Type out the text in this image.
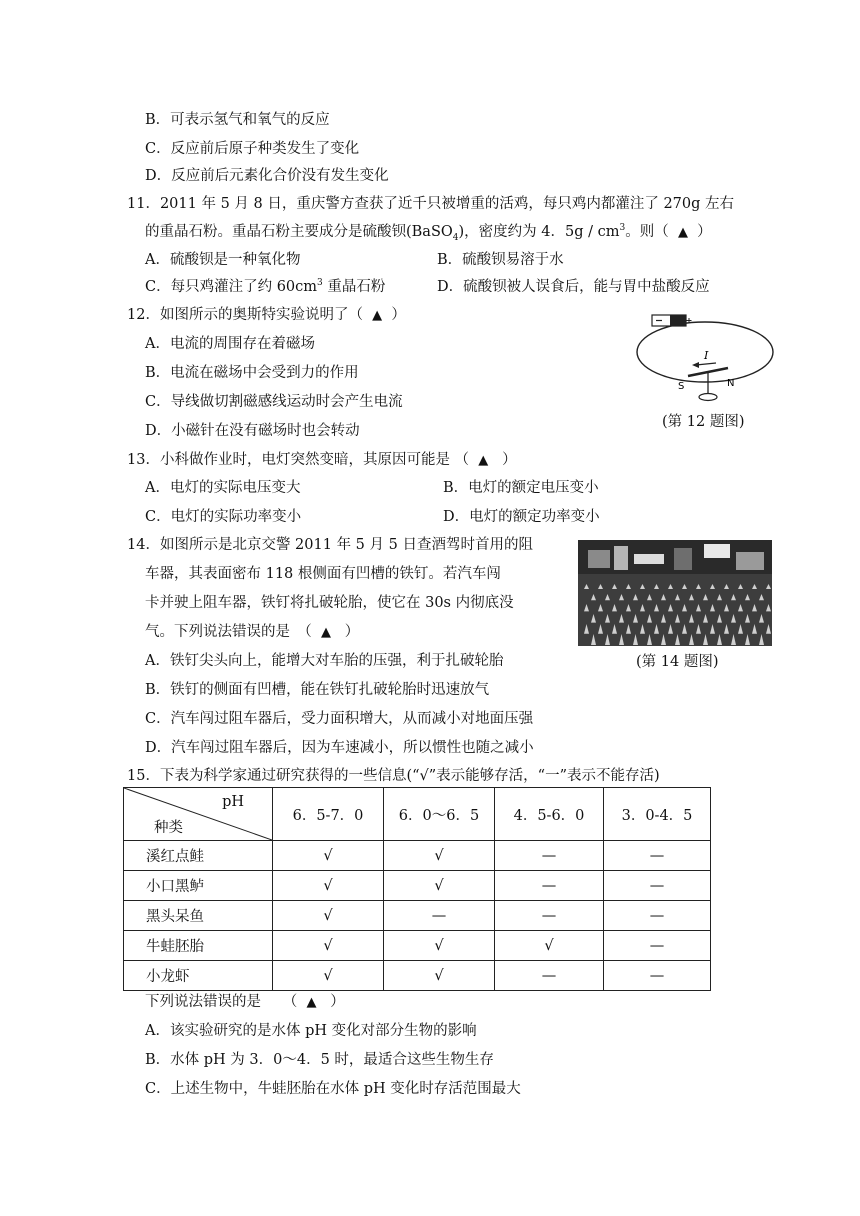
B．可表示氢气和氧气的反应
C．反应前后原子种类发生了变化
D．反应前后元素化合价没有发生变化
11．2011 年 5 月 8 日，重庆警方查获了近千只被增重的活鸡，每只鸡内都灌注了 270g 左右
的重晶石粉。重晶石粉主要成分是硫酸钡(BaSO$_4$)，密度约为 4．$5g / cm^3$。则（ ▲ ）
A．硫酸钡是一种氧化物	B．硫酸钡易溶于水
C．每只鸡灌注了约 $60cm^3$ 重晶石粉	D．硫酸钡被人误食后，能与胃中盐酸反应
12．如图所示的奥斯特实验说明了（ ▲ ）
A．电流的周围存在着磁场
B．电流在磁场中会受到力的作用
C．导线做切割磁感线运动时会产生电流
D．小磁针在没有磁场时也会转动
I
S	N
(第 12 题图)
13．小科做作业时，电灯突然变暗，其原因可能是 （ ▲ ）
A．电灯的实际电压变大	B．电灯的额定电压变小
C．电灯的实际功率变小	D．电灯的额定功率变小
14．如图所示是北京交警 2011 年 5 月 5 日查酒驾时首用的阻
车器，其表面密布 118 根侧面有凹槽的铁钉。若汽车闯
卡并驶上阻车器，铁钉将扎破轮胎，使它在 30s 内彻底没
气。下列说法错误的是　（ ▲ ）
A．铁钉尖头向上，能增大对车胎的压强，利于扎破轮胎
B．铁钉的侧面有凹槽，能在铁钉扎破轮胎时迅速放气
C．汽车闯过阻车器后，受力面积增大，从而减小对地面压强
D．汽车闯过阻车器后，因为车速减小，所以惯性也随之减小
(第 14 题图)
15．下表为科学家通过研究获得的一些信息(“√”表示能够存活，“一”表示不能存活)
pH
种类	6．5-7．0	6．0～6．5	4．5-6．0	3．0-4．5
溪红点鲑	√	√	—	—
小口黑鲈	√	√	—	—
黑头呆鱼	√	—	—	—
牛蛙胚胎	√	√	√	—
小龙虾	√	√	—	—
下列说法错误的是　　（ ▲ ）
A．该实验研究的是水体 pH 变化对部分生物的影响
B．水体 pH 为 3．0～4．5 时，最适合这些生物生存
C．上述生物中，牛蛙胚胎在水体 pH 变化时存活范围最大
